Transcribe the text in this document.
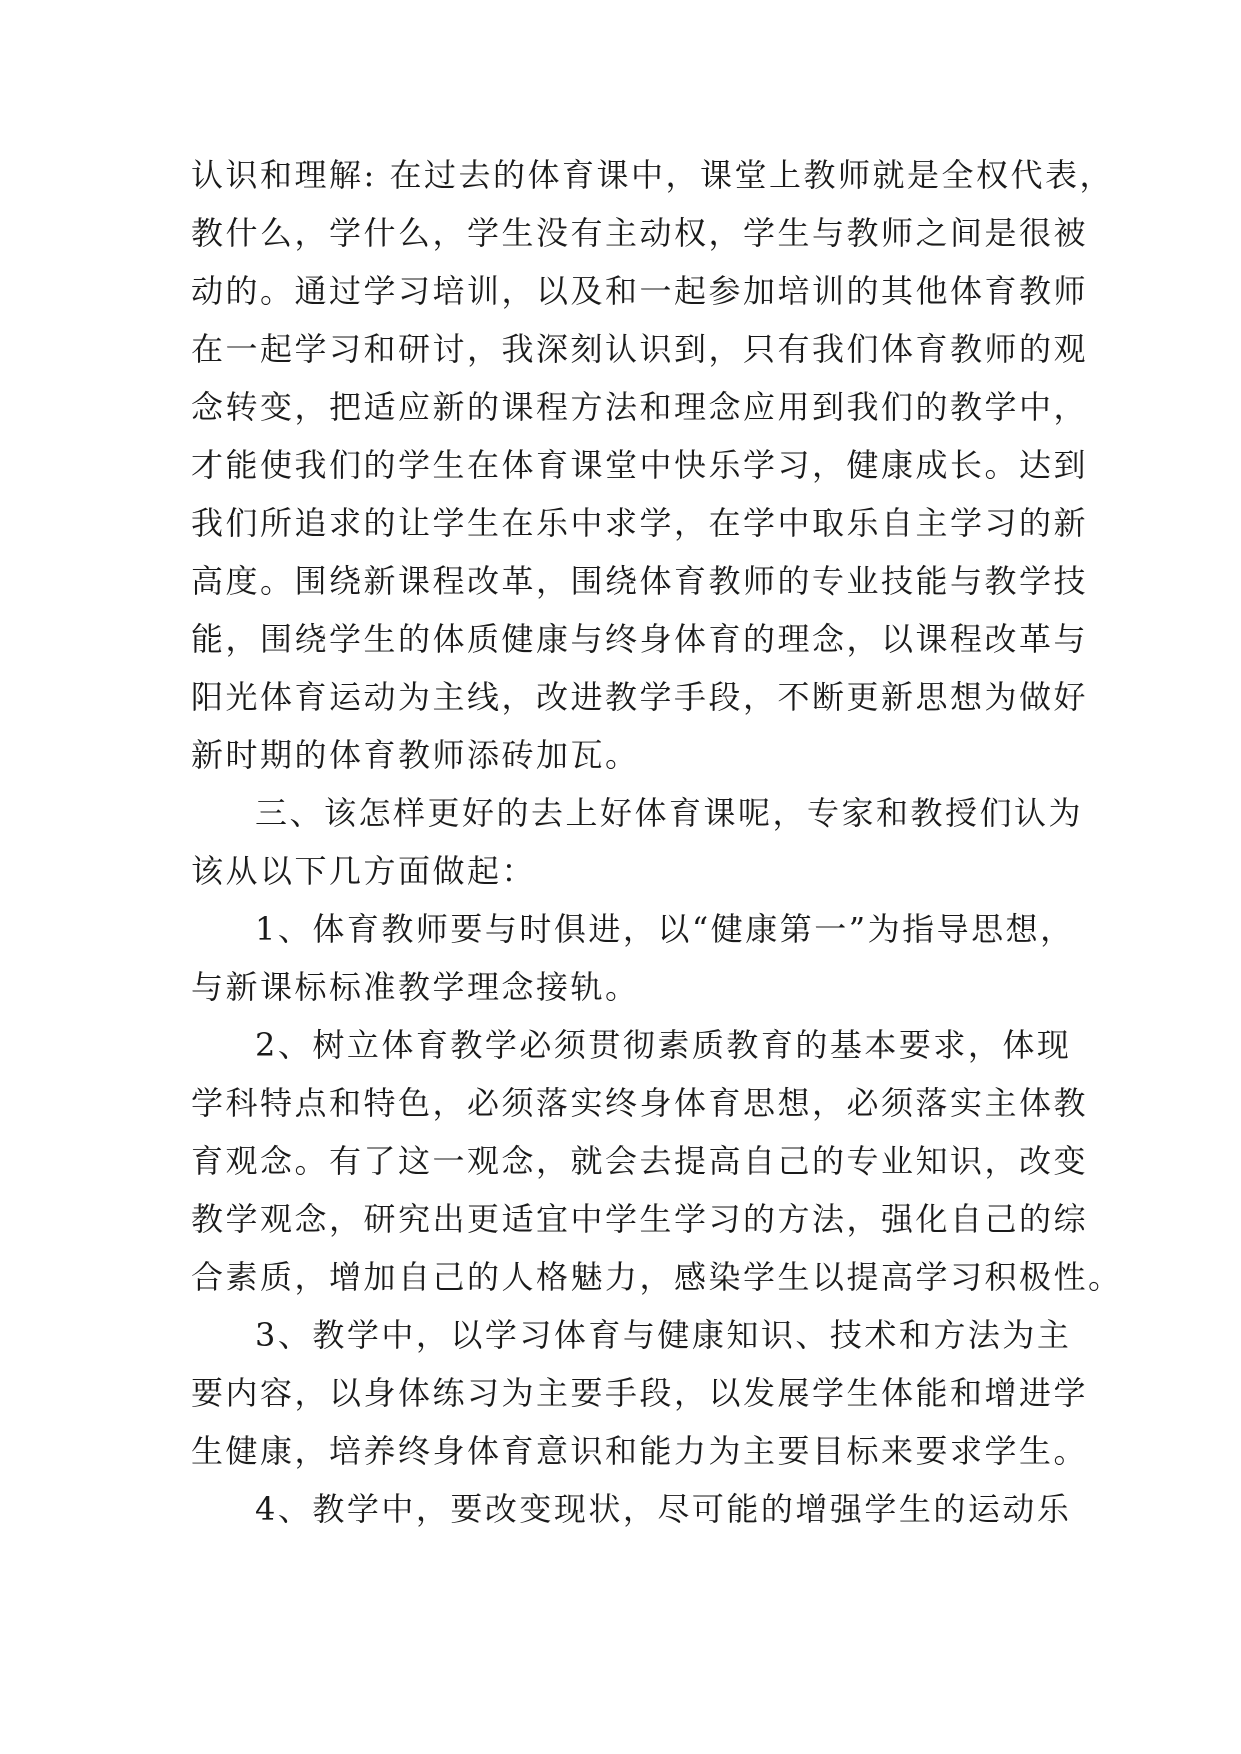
认识和理解: 在过去的体育课中，课堂上教师就是全权代表，
教什么，学什么，学生没有主动权，学生与教师之间是很被
动的。通过学习培训，以及和一起参加培训的其他体育教师
在一起学习和研讨，我深刻认识到，只有我们体育教师的观
念转变，把适应新的课程方法和理念应用到我们的教学中，
才能使我们的学生在体育课堂中快乐学习，健康成长。达到
我们所追求的让学生在乐中求学，在学中取乐自主学习的新
高度。围绕新课程改革，围绕体育教师的专业技能与教学技
能，围绕学生的体质健康与终身体育的理念，以课程改革与
阳光体育运动为主线，改进教学手段，不断更新思想为做好
新时期的体育教师添砖加瓦。
三、该怎样更好的去上好体育课呢，专家和教授们认为
该从以下几方面做起：
1、体育教师要与时俱进，以“健康第一”为指导思想，
与新课标标准教学理念接轨。
2、树立体育教学必须贯彻素质教育的基本要求，体现
学科特点和特色，必须落实终身体育思想，必须落实主体教
育观念。有了这一观念，就会去提高自己的专业知识，改变
教学观念，研究出更适宜中学生学习的方法，强化自己的综
合素质，增加自己的人格魅力，感染学生以提高学习积极性。
3、教学中，以学习体育与健康知识、技术和方法为主
要内容，以身体练习为主要手段，以发展学生体能和增进学
生健康，培养终身体育意识和能力为主要目标来要求学生。
4、教学中，要改变现状，尽可能的增强学生的运动乐
